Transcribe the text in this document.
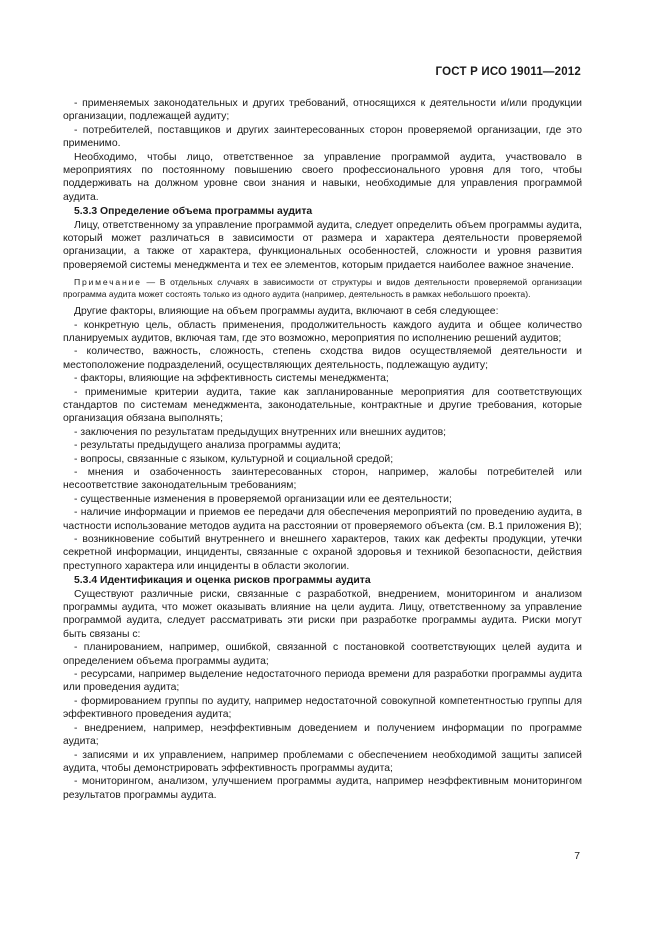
ГОСТ Р ИСО 19011—2012

- применяемых законодательных и других требований, относящихся к деятельности и/или продукции организации, подлежащей аудиту;

- потребителей, поставщиков и других заинтересованных сторон проверяемой организации, где это применимо.

Необходимо, чтобы лицо, ответственное за управление программой аудита, участвовало в мероприятиях по постоянному повышению своего профессионального уровня для того, чтобы поддерживать на должном уровне свои знания и навыки, необходимые для управления программой аудита.

5.3.3 Определение объема программы аудита

Лицу, ответственному за управление программой аудита, следует определить объем программы аудита, который может различаться в зависимости от размера и характера деятельности проверяемой организации, а также от характера, функциональных особенностей, сложности и уровня развития проверяемой системы менеджмента и тех ее элементов, которым придается наиболее важное значение.

Примечание — В отдельных случаях в зависимости от структуры и видов деятельности проверяемой организации программа аудита может состоять только из одного аудита (например, деятельность в рамках небольшого проекта).

Другие факторы, влияющие на объем программы аудита, включают в себя следующее:

- конкретную цель, область применения, продолжительность каждого аудита и общее количество планируемых аудитов, включая там, где это возможно, мероприятия по исполнению решений аудитов;

- количество, важность, сложность, степень сходства видов осуществляемой деятельности и местоположение подразделений, осуществляющих деятельность, подлежащую аудиту;

- факторы, влияющие на эффективность системы менеджмента;

- применимые критерии аудита, такие как запланированные мероприятия для соответствующих стандартов по системам менеджмента, законодательные, контрактные и другие требования, которые организация обязана выполнять;

- заключения по результатам предыдущих внутренних или внешних аудитов;

- результаты предыдущего анализа программы аудита;

- вопросы, связанные с языком, культурной и социальной средой;

- мнения и озабоченность заинтересованных сторон, например, жалобы потребителей или несоответствие законодательным требованиям;

- существенные изменения в проверяемой организации или ее деятельности;

- наличие информации и приемов ее передачи для обеспечения мероприятий по проведению аудита, в частности использование методов аудита на расстоянии от проверяемого объекта (см. В.1 приложения В);

- возникновение событий внутреннего и внешнего характеров, таких как дефекты продукции, утечки секретной информации, инциденты, связанные с охраной здоровья и техникой безопасности, действия преступного характера или инциденты в области экологии.

5.3.4 Идентификация и оценка рисков программы аудита

Существуют различные риски, связанные с разработкой, внедрением, мониторингом и анализом программы аудита, что может оказывать влияние на цели аудита. Лицу, ответственному за управление программой аудита, следует рассматривать эти риски при разработке программы аудита. Риски могут быть связаны с:

- планированием, например, ошибкой, связанной с постановкой соответствующих целей аудита и определением объема программы аудита;

- ресурсами, например выделение недостаточного периода времени для разработки программы аудита или проведения аудита;

- формированием группы по аудиту, например недостаточной совокупной компетентностью группы для эффективного проведения аудита;

- внедрением, например, неэффективным доведением и получением информации по программе аудита;

- записями и их управлением, например проблемами с обеспечением необходимой защиты записей аудита, чтобы демонстрировать эффективность программы аудита;

- мониторингом, анализом, улучшением программы аудита, например неэффективным мониторингом результатов программы аудита.

7
